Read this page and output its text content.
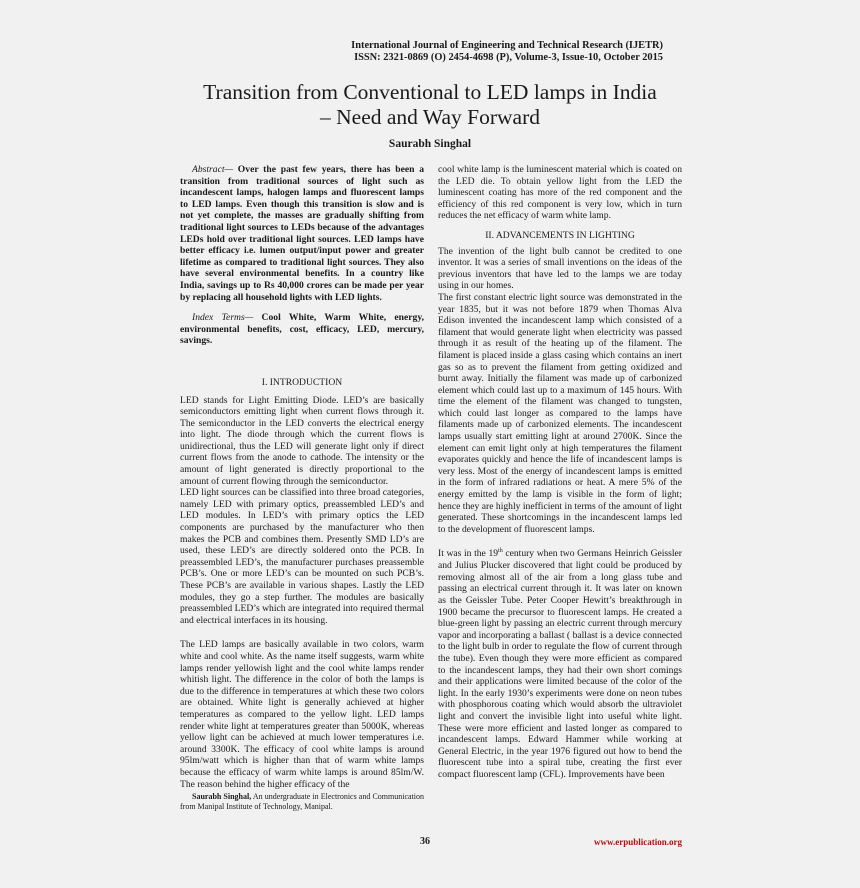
International Journal of Engineering and Technical Research (IJETR)
ISSN: 2321-0869 (O) 2454-4698 (P), Volume-3, Issue-10, October 2015
Transition from Conventional to LED lamps in India
– Need and Way Forward
Saurabh Singhal

Abstract— Over the past few years, there has been a transition from traditional sources of light such as incandescent lamps, halogen lamps and fluorescent lamps to LED lamps. Even though this transition is slow and is not yet complete, the masses are gradually shifting from traditional light sources to LEDs because of the advantages LEDs hold over traditional light sources. LED lamps have better efficacy i.e. lumen output/input power and greater lifetime as compared to traditional light sources. They also have several environmental benefits. In a country like India, savings up to Rs 40,000 crores can be made per year by replacing all household lights with LED lights.

Index Terms— Cool White, Warm White, energy, environmental benefits, cost, efficacy, LED, mercury, savings.

I. INTRODUCTION

LED stands for Light Emitting Diode. LED’s are basically semiconductors emitting light when current flows through it. The semiconductor in the LED converts the electrical energy into light. The diode through which the current flows is unidirectional, thus the LED will generate light only if direct current flows from the anode to cathode. The intensity or the amount of light generated is directly proportional to the amount of current flowing through the semiconductor.

LED light sources can be classified into three broad categories, namely LED with primary optics, preassembled LED’s and LED modules. In LED’s with primary optics the LED components are purchased by the manufacturer who then makes the PCB and combines them. Presently SMD LD’s are used, these LED’s are directly soldered onto the PCB. In preassembled LED’s, the manufacturer purchases preassemble PCB’s. One or more LED’s can be mounted on such PCB’s. These PCB’s are available in various shapes. Lastly the LED modules, they go a step further. The modules are basically preassembled LED’s which are integrated into required thermal and electrical interfaces in its housing.

The LED lamps are basically available in two colors, warm white and cool white. As the name itself suggests, warm white lamps render yellowish light and the cool white lamps render whitish light. The difference in the color of both the lamps is due to the difference in temperatures at which these two colors are obtained. White light is generally achieved at higher temperatures as compared to the yellow light. LED lamps render white light at temperatures greater than 5000K, whereas yellow light can be achieved at much lower temperatures i.e. around 3300K. The efficacy of cool white lamps is around 95lm/watt which is higher than that of warm white lamps because the efficacy of warm white lamps is around 85lm/W. The reason behind the higher efficacy of the

cool white lamp is the luminescent material which is coated on the LED die. To obtain yellow light from the LED the luminescent coating has more of the red component and the efficiency of this red component is very low, which in turn reduces the net efficacy of warm white lamp.

II. ADVANCEMENTS IN LIGHTING

The invention of the light bulb cannot be credited to one inventor. It was a series of small inventions on the ideas of the previous inventors that have led to the lamps we are today using in our homes.

The first constant electric light source was demonstrated in the year 1835, but it was not before 1879 when Thomas Alva Edison invented the incandescent lamp which consisted of a filament that would generate light when electricity was passed through it as result of the heating up of the filament. The filament is placed inside a glass casing which contains an inert gas so as to prevent the filament from getting oxidized and burnt away. Initially the filament was made up of carbonized element which could last up to a maximum of 145 hours. With time the element of the filament was changed to tungsten, which could last longer as compared to the lamps have filaments made up of carbonized elements. The incandescent lamps usually start emitting light at around 2700K. Since the element can emit light only at high temperatures the filament evaporates quickly and hence the life of incandescent lamps is very less. Most of the energy of incandescent lamps is emitted in the form of infrared radiations or heat. A mere 5% of the energy emitted by the lamp is visible in the form of light; hence they are highly inefficient in terms of the amount of light generated. These shortcomings in the incandescent lamps led to the development of fluorescent lamps.

It was in the 19th century when two Germans Heinrich Geissler and Julius Plucker discovered that light could be produced by removing almost all of the air from a long glass tube and passing an electrical current through it. It was later on known as the Geissler Tube. Peter Cooper Hewitt’s breakthrough in 1900 became the precursor to fluorescent lamps. He created a blue-green light by passing an electric current through mercury vapor and incorporating a ballast ( ballast is a device connected to the light bulb in order to regulate the flow of current through the tube). Even though they were more efficient as compared to the incandescent lamps, they had their own short comings and their applications were limited because of the color of the light. In the early 1930’s experiments were done on neon tubes with phosphorous coating which would absorb the ultraviolet light and convert the invisible light into useful white light. These were more efficient and lasted longer as compared to incandescent lamps. Edward Hammer while working at General Electric, in the year 1976 figured out how to bend the fluorescent tube into a spiral tube, creating the first ever compact fluorescent lamp (CFL). Improvements have been

Saurabh Singhal, An undergraduate in Electronics and Communication from Manipal Institute of Technology, Manipal.
36	www.erpublication.org
